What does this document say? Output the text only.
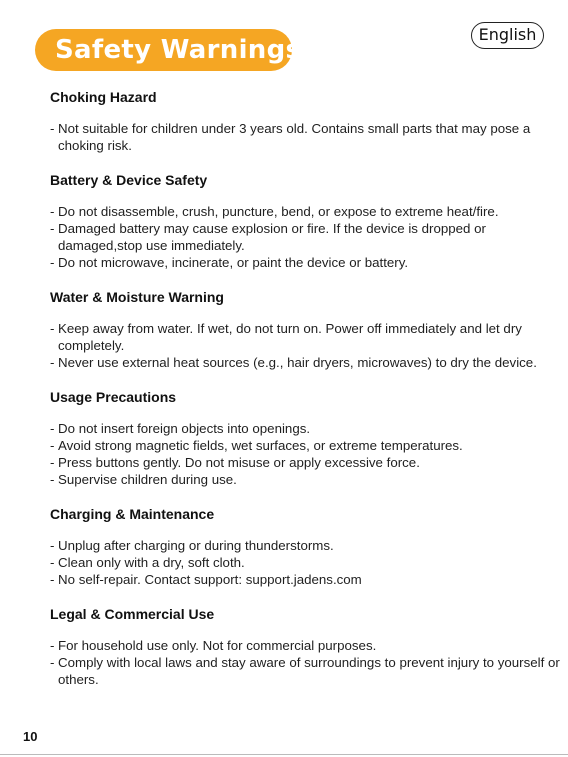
Safety Warnings
English
Choking Hazard
- Not suitable for children under 3 years old. Contains small parts that may pose a choking risk.
Battery & Device Safety
- Do not disassemble, crush, puncture, bend, or expose to extreme heat/fire.
- Damaged battery may cause explosion or fire. If the device is dropped or damaged,stop use immediately.
- Do not microwave, incinerate, or paint the device or battery.
Water & Moisture Warning
- Keep away from water. If wet, do not turn on. Power off immediately and let dry completely.
- Never use external heat sources (e.g., hair dryers, microwaves) to dry the device.
Usage Precautions
- Do not insert foreign objects into openings.
- Avoid strong magnetic fields, wet surfaces, or extreme temperatures.
- Press buttons gently. Do not misuse or apply excessive force.
- Supervise children during use.
Charging & Maintenance
- Unplug after charging or during thunderstorms.
- Clean only with a dry, soft cloth.
- No self-repair. Contact support: support.jadens.com
Legal & Commercial Use
- For household use only. Not for commercial purposes.
- Comply with local laws and stay aware of surroundings to prevent injury to yourself or others.
10
